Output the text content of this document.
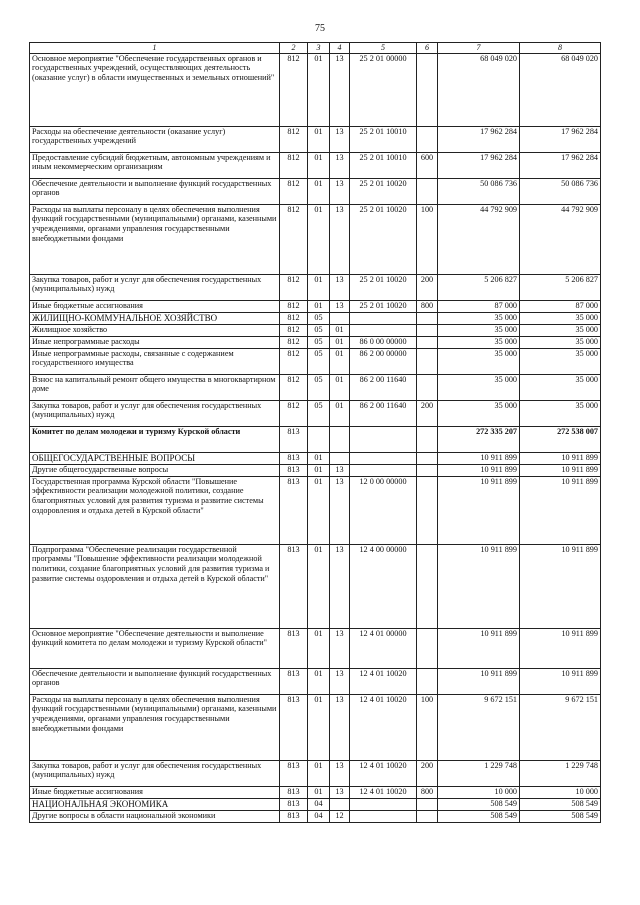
75
1	2	3	4	5	6	7	8
Основное мероприятие "Обеспечение государственных органов и государственных учреждений, осуществляющих деятельность (оказание услуг) в области имущественных и земельных отношений"	812	01	13	25 2 01 00000		68 049 020	68 049 020
Расходы на обеспечение деятельности (оказание услуг) государственных учреждений	812	01	13	25 2 01 10010		17 962 284	17 962 284
Предоставление субсидий бюджетным, автономным учреждениям и иным некоммерческим организациям	812	01	13	25 2 01 10010	600	17 962 284	17 962 284
Обеспечение деятельности и выполнение функций государственных органов	812	01	13	25 2 01 10020		50 086 736	50 086 736
Расходы на выплаты персоналу в целях обеспечения выполнения функций государственными (муниципальными) органами, казенными учреждениями, органами управления государственными внебюджетными фондами	812	01	13	25 2 01 10020	100	44 792 909	44 792 909
Закупка товаров, работ и услуг для обеспечения государственных (муниципальных) нужд	812	01	13	25 2 01 10020	200	5 206 827	5 206 827
Иные бюджетные ассигнования	812	01	13	25 2 01 10020	800	87 000	87 000
ЖИЛИЩНО-КОММУНАЛЬНОЕ ХОЗЯЙСТВО	812	05				35 000	35 000
Жилищное хозяйство	812	05	01			35 000	35 000
Иные непрограммные расходы	812	05	01	86 0 00 00000		35 000	35 000
Иные непрограммные расходы, связанные с содержанием государственного имущества	812	05	01	86 2 00 00000		35 000	35 000
Взнос на капитальный ремонт общего имущества в многоквартирном доме	812	05	01	86 2 00 11640		35 000	35 000
Закупка товаров, работ и услуг для обеспечения государственных (муниципальных) нужд	812	05	01	86 2 00 11640	200	35 000	35 000
Комитет по делам молодежи и туризму Курской области	813					272 335 207	272 538 007
ОБЩЕГОСУДАРСТВЕННЫЕ ВОПРОСЫ	813	01				10 911 899	10 911 899
Другие общегосударственные вопросы	813	01	13			10 911 899	10 911 899
Государственная программа Курской области "Повышение эффективности реализации молодежной политики, создание благоприятных условий для развития туризма и развитие системы оздоровления и отдыха детей в Курской области"	813	01	13	12 0 00 00000		10 911 899	10 911 899
Подпрограмма "Обеспечение реализации государственной программы "Повышение эффективности реализации молодежной политики, создание благоприятных условий для развития туризма и развитие системы оздоровления и отдыха детей в Курской области"	813	01	13	12 4 00 00000		10 911 899	10 911 899
Основное мероприятие "Обеспечение деятельности и выполнение функций комитета по делам молодежи и туризму Курской области"	813	01	13	12 4 01 00000		10 911 899	10 911 899
Обеспечение деятельности и выполнение функций государственных органов	813	01	13	12 4 01 10020		10 911 899	10 911 899
Расходы на выплаты персоналу в целях обеспечения выполнения функций государственными (муниципальными) органами, казенными учреждениями, органами управления государственными внебюджетными фондами	813	01	13	12 4 01 10020	100	9 672 151	9 672 151
Закупка товаров, работ и услуг для обеспечения государственных (муниципальных) нужд	813	01	13	12 4 01 10020	200	1 229 748	1 229 748
Иные бюджетные ассигнования	813	01	13	12 4 01 10020	800	10 000	10 000
НАЦИОНАЛЬНАЯ ЭКОНОМИКА	813	04				508 549	508 549
Другие вопросы в области национальной экономики	813	04	12			508 549	508 549
